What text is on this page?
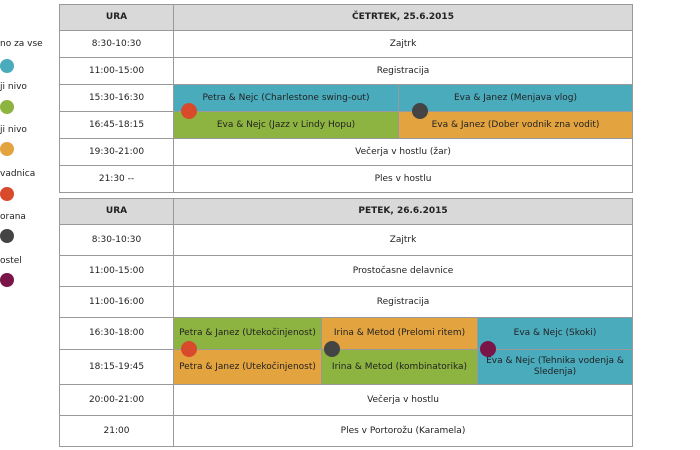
no za vse
ji nivo
ji nivo
vadnica
orana
ostel
URA	ČETRTEK, 25.6.2015	
8:30-10:30	Zajtrk	
11:00-15:00	Registracija	
15:30-16:30	Petra & Nejc (Charlestone swing-out)	Eva & Janez (Menjava vlog)
16:45-18:15	Eva & Nejc (Jazz v Lindy Hopu)	Eva & Janez (Dober vodnik zna vodit)
19:30-21:00	Večerja v hostlu (žar)	
21:30 --	Ples v hostlu	
URA	PETEK, 26.6.2015		
8:30-10:30	Zajtrk		
11:00-15:00	Prostočasne delavnice		
11:00-16:00	Registracija		
16:30-18:00	Petra & Janez (Utekočinjenost)	Irina & Metod (Prelomi ritem)	Eva & Nejc (Skoki)
18:15-19:45	Petra & Janez (Utekočinjenost)	Irina & Metod (kombinatorika)	Eva & Nejc (Tehnika vodenja & Sledenja)
20:00-21:00	Večerja v hostlu		
21:00	Ples v Portorožu (Karamela)		
